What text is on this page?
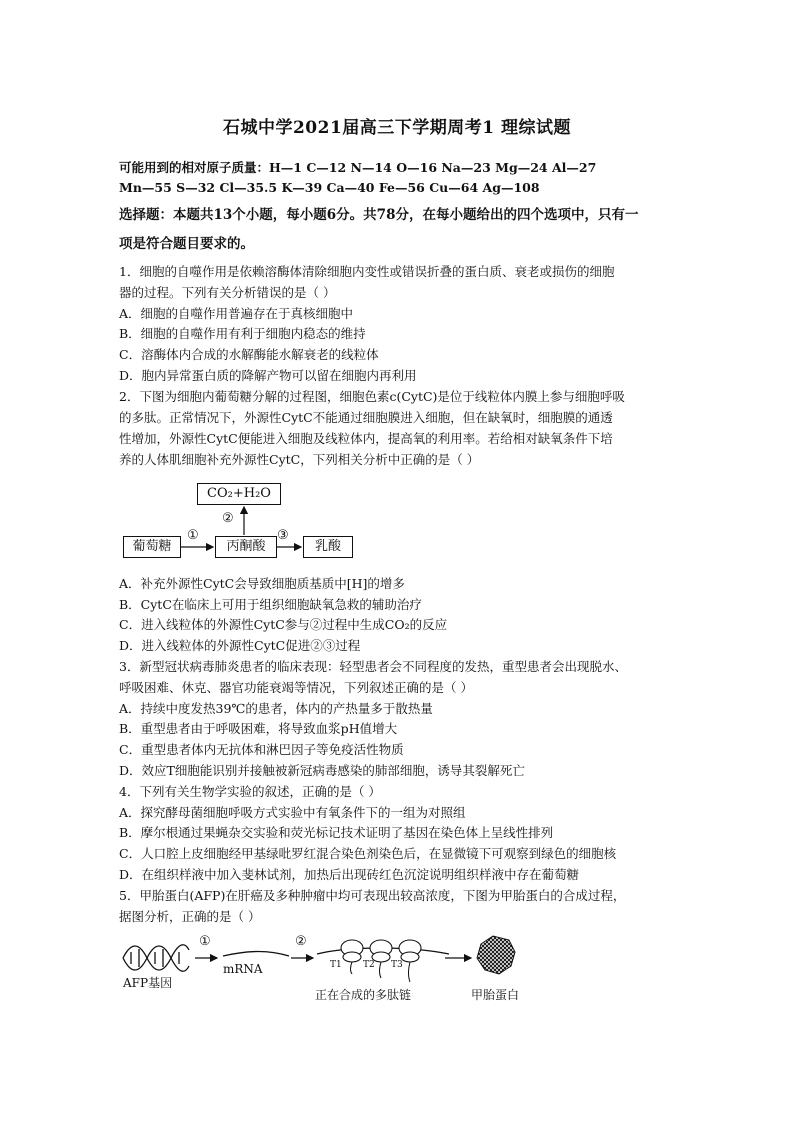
石城中学2021届高三下学期周考1 理综试题
可能用到的相对原子质量：H—1 C—12 N—14 O—16 Na—23 Mg—24 Al—27
Mn—55 S—32 Cl—35.5 K—39 Ca—40 Fe—56 Cu—64 Ag—108
选择题：本题共13个小题，每小题6分。共78分，在每小题给出的四个选项中，只有一
项是符合题目要求的。
1．细胞的自噬作用是依赖溶酶体清除细胞内变性或错误折叠的蛋白质、衰老或损伤的细胞
器的过程。下列有关分析错误的是（ ）
A．细胞的自噬作用普遍存在于真核细胞中
B．细胞的自噬作用有利于细胞内稳态的维持
C．溶酶体内合成的水解酶能水解衰老的线粒体
D．胞内异常蛋白质的降解产物可以留在细胞内再利用
2．下图为细胞内葡萄糖分解的过程图，细胞色素c(CytC)是位于线粒体内膜上参与细胞呼吸
的多肽。正常情况下，外源性CytC不能通过细胞膜进入细胞，但在缺氧时，细胞膜的通透
性增加，外源性CytC便能进入细胞及线粒体内，提高氧的利用率。若给相对缺氧条件下培
养的人体肌细胞补充外源性CytC，下列相关分析中正确的是（ ）
CO₂+H₂O
葡萄糖	丙酮酸	乳酸
①
②
③
A．补充外源性CytC会导致细胞质基质中[H]的增多
B．CytC在临床上可用于组织细胞缺氧急救的辅助治疗
C．进入线粒体的外源性CytC参与②过程中生成CO₂的反应
D．进入线粒体的外源性CytC促进②③过程
3．新型冠状病毒肺炎患者的临床表现：轻型患者会不同程度的发热，重型患者会出现脱水、
呼吸困难、休克、器官功能衰竭等情况，下列叙述正确的是（ ）
A．持续中度发热39℃的患者，体内的产热量多于散热量
B．重型患者由于呼吸困难，将导致血浆pH值增大
C．重型患者体内无抗体和淋巴因子等免疫活性物质
D．效应T细胞能识别并接触被新冠病毒感染的肺部细胞，诱导其裂解死亡
4．下列有关生物学实验的叙述，正确的是（ ）
A．探究酵母菌细胞呼吸方式实验中有氧条件下的一组为对照组
B．摩尔根通过果蝇杂交实验和荧光标记技术证明了基因在染色体上呈线性排列
C．人口腔上皮细胞经甲基绿吡罗红混合染色剂染色后，在显微镜下可观察到绿色的细胞核
D．在组织样液中加入斐林试剂，加热后出现砖红色沉淀说明组织样液中存在葡萄糖
5．甲胎蛋白(AFP)在肝癌及多种肿瘤中均可表现出较高浓度，下图为甲胎蛋白的合成过程，
据图分析，正确的是（ ）
AFP基因
①
mRNA
②
T1 T2 T3
正在合成的多肽链	甲胎蛋白
